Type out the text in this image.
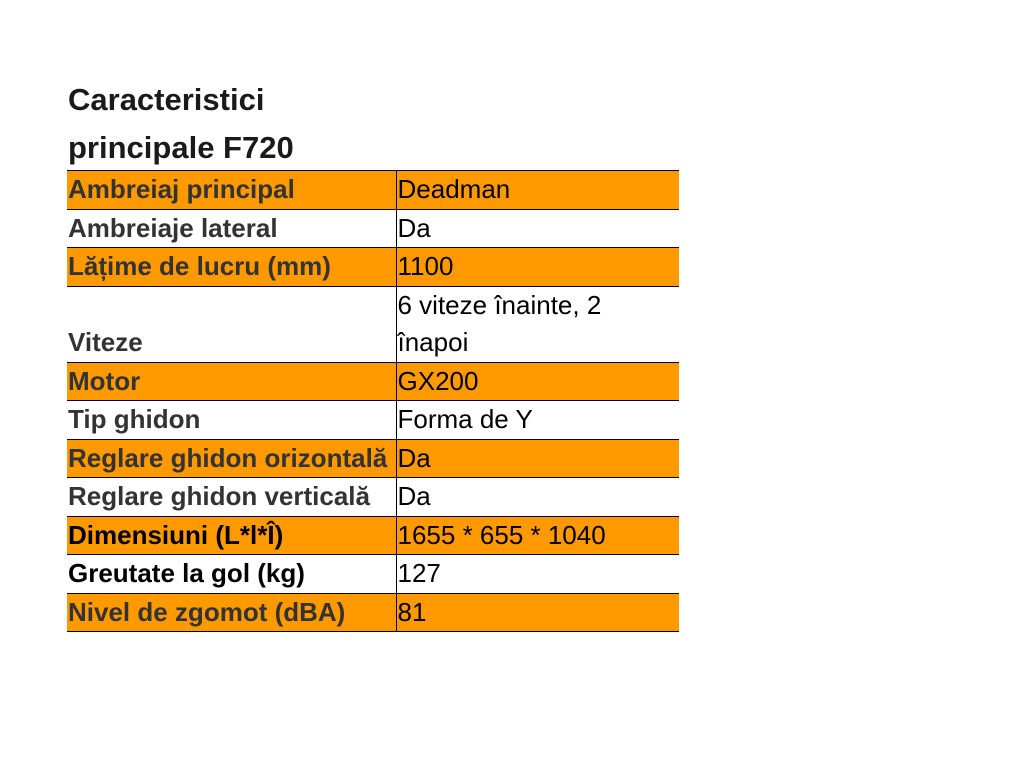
Caracteristici principale F720
Ambreiaj principal	Deadman
Ambreiaje lateral	Da
Lățime de lucru (mm)	1100
Viteze	6 viteze înainte, 2 înapoi
Motor	GX200
Tip ghidon	Forma de Y
Reglare ghidon orizontală	Da
Reglare ghidon verticală	Da
Dimensiuni (L*l*Î)	1655 * 655 * 1040
Greutate la gol (kg)	127
Nivel de zgomot (dBA)	81
